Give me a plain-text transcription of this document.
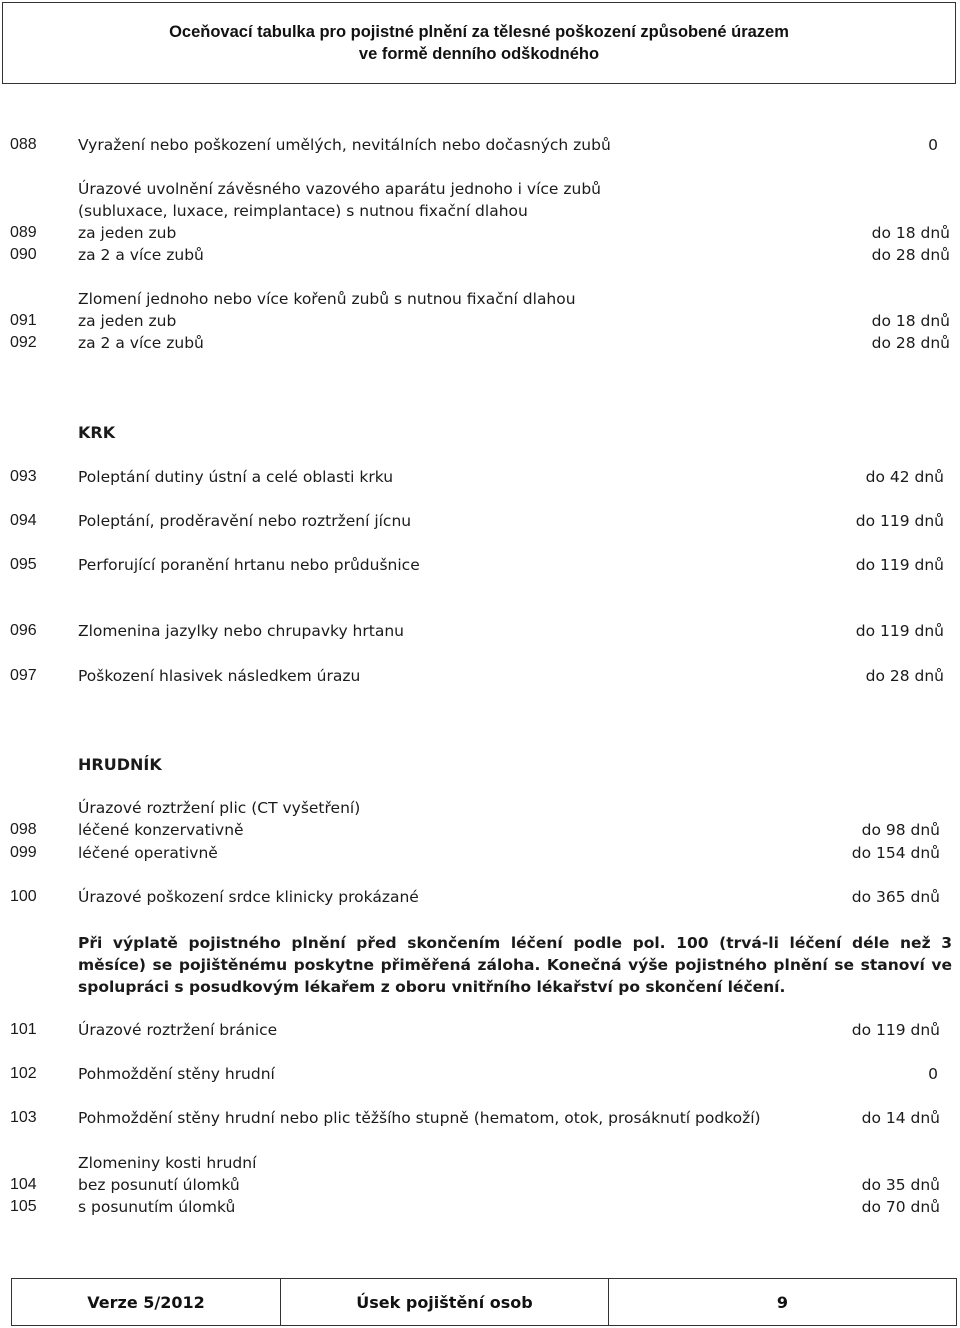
Oceňovací tabulka pro pojistné plnění za tělesné poškození způsobené úrazem
ve formě denního odškodného
088	Vyražení nebo poškození umělých, nevitálních nebo dočasných zubů	0
Úrazové uvolnění závěsného vazového aparátu jednoho i více zubů
(subluxace, luxace, reimplantace) s nutnou fixační dlahou
089	za jeden zub	do 18 dnů
090	za 2 a více zubů	do 28 dnů
Zlomení jednoho nebo více kořenů zubů s nutnou fixační dlahou
091	za jeden zub	do 18 dnů
092	za 2 a více zubů	do 28 dnů
KRK
093	Poleptání dutiny ústní a celé oblasti krku	do 42 dnů
094	Poleptání, proděravění nebo roztržení jícnu	do 119 dnů
095	Perforující poranění hrtanu nebo průdušnice	do 119 dnů
096	Zlomenina jazylky nebo chrupavky hrtanu	do 119 dnů
097	Poškození hlasivek následkem úrazu	do 28 dnů
HRUDNÍK
Úrazové roztržení plic (CT vyšetření)
098	léčené konzervativně	do 98 dnů
099	léčené operativně	do 154 dnů
100	Úrazové poškození srdce klinicky prokázané	do 365 dnů
Při výplatě pojistného plnění před skončením léčení podle pol. 100 (trvá-li léčení déle než 3 měsíce) se pojištěnému poskytne přiměřená záloha. Konečná výše pojistného plnění se stanoví ve spolupráci s posudkovým lékařem z oboru vnitřního lékařství po skončení léčení.
101	Úrazové roztržení bránice	do 119 dnů
102	Pohmoždění stěny hrudní	0
103	Pohmoždění stěny hrudní nebo plic těžšího stupně (hematom, otok, prosáknutí podkoží)	do 14 dnů
Zlomeniny kosti hrudní
104	bez posunutí úlomků	do 35 dnů
105	s posunutím úlomků	do 70 dnů
Verze 5/2012	Úsek pojištění osob	9
